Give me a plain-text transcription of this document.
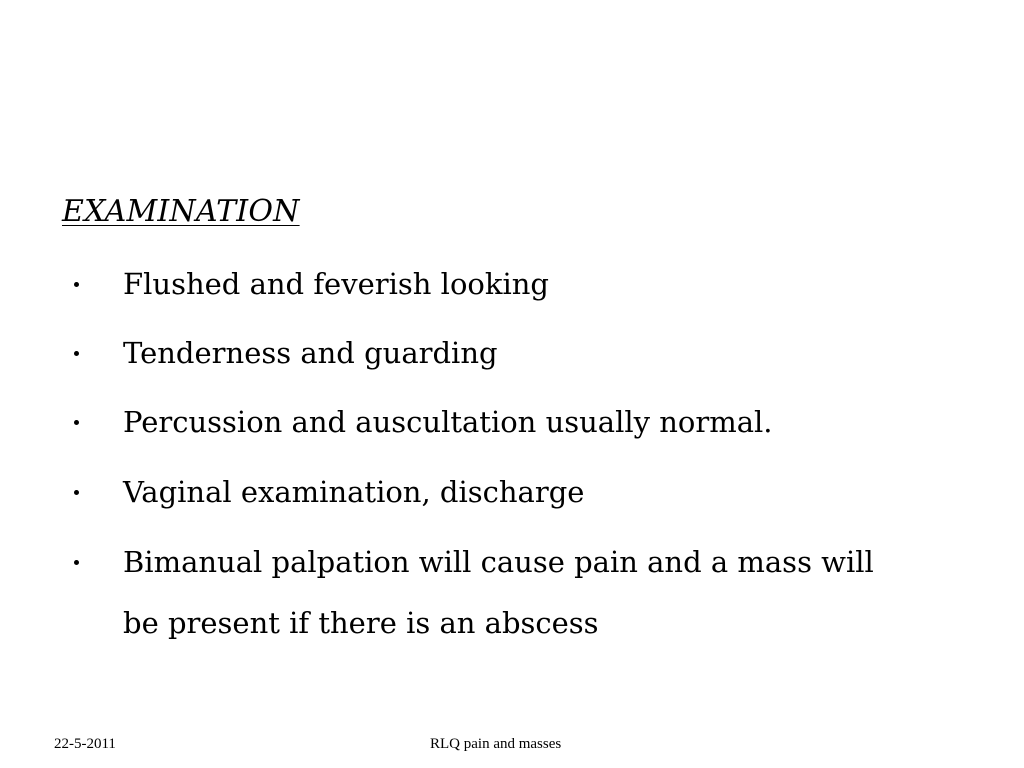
EXAMINATION
Flushed and feverish looking
Tenderness and guarding
Percussion and auscultation usually normal.
Vaginal examination, discharge
Bimanual palpation will cause pain and a mass will be present if there is an abscess
22-5-2011	RLQ pain and masses
